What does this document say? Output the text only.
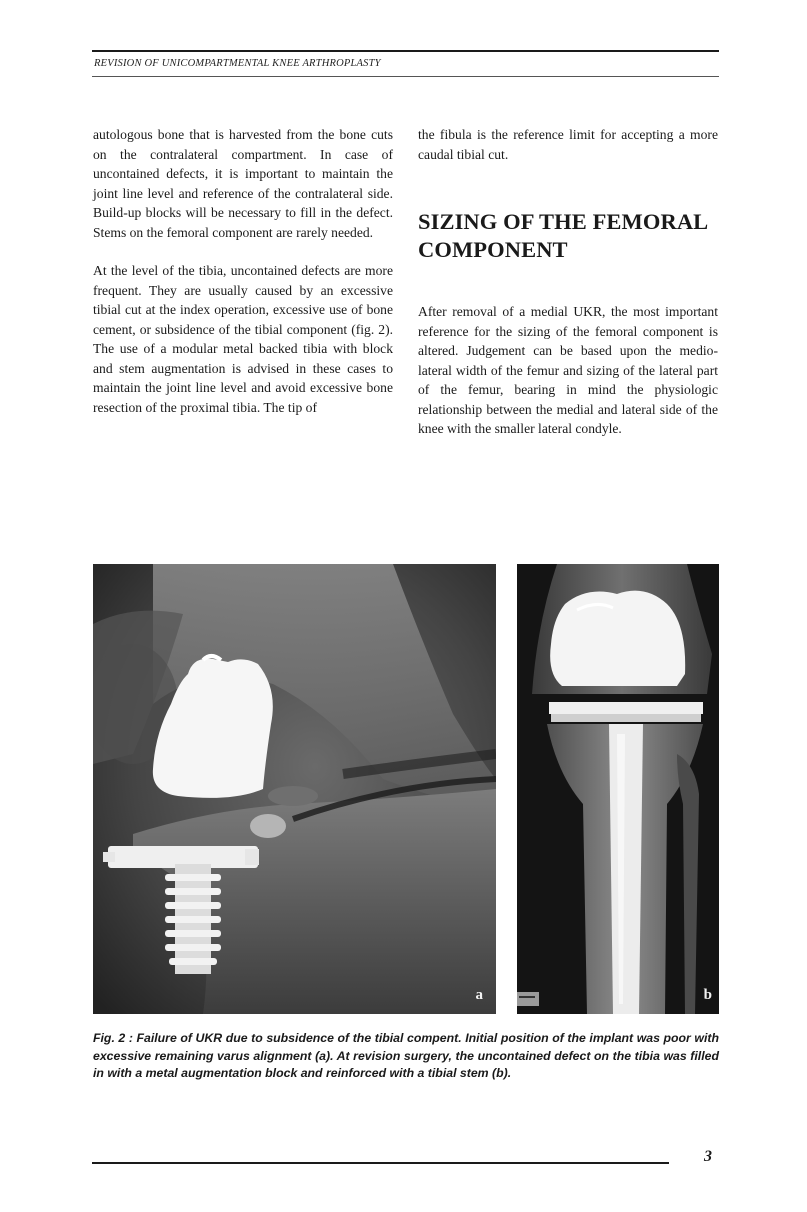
REVISION OF UNICOMPARTMENTAL KNEE ARTHROPLASTY

autologous bone that is harvested from the bone cuts on the contralateral compartment. In case of uncontained defects, it is important to maintain the joint line level and reference of the contralateral side. Build-up blocks will be necessary to fill in the defect. Stems on the femoral component are rarely needed.

At the level of the tibia, uncontained defects are more frequent. They are usually caused by an excessive tibial cut at the index operation, excessive use of bone cement, or subsidence of the tibial component (fig. 2). The use of a modular metal backed tibia with block and stem augmentation is advised in these cases to maintain the joint line level and avoid excessive bone resection of the proximal tibia. The tip of

the fibula is the reference limit for accepting a more caudal tibial cut.

SIZING OF THE FEMORAL COMPONENT

After removal of a medial UKR, the most important reference for the sizing of the femoral component is altered. Judgement can be based upon the medio-lateral width of the femur and sizing of the lateral part of the femur, bearing in mind the physiologic relationship between the medial and lateral side of the knee with the smaller lateral condyle.

a	b
Fig. 2 : Failure of UKR due to subsidence of the tibial compent. Initial position of the implant was poor with excessive remaining varus alignment (a). At revision surgery, the uncontained defect on the tibia was filled in with a metal augmentation block and reinforced with a tibial stem (b).
3
